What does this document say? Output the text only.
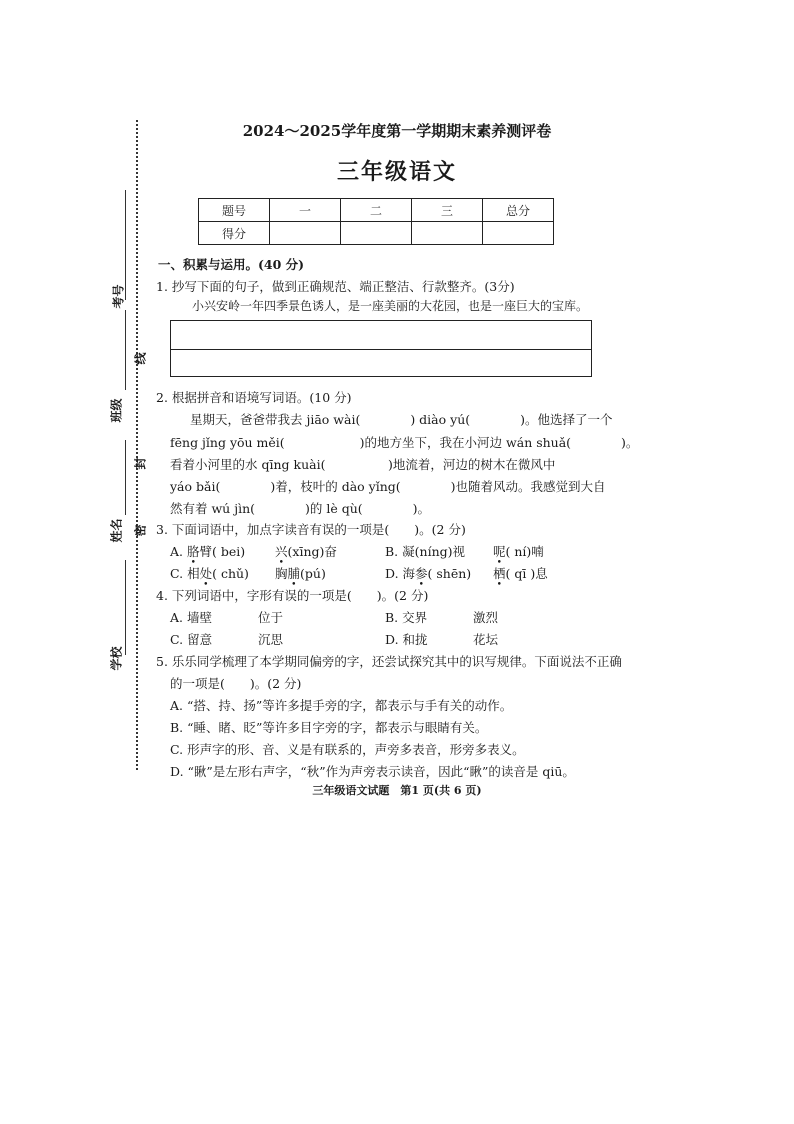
考号
线
班级
封
姓名 密
学校
2024～2025学年度第一学期期末素养测评卷
三年级语文
题号	一	二	三	总分
得分				
一、积累与运用。(40 分)
1. 抄写下面的句子，做到正确规范、端正整洁、行款整齐。(3分)
小兴安岭一年四季景色诱人，是一座美丽的大花园，也是一座巨大的宝库。
2. 根据拼音和语境写词语。(10 分)
星期天，爸爸带我去 jiāo wài(　　　　) diào yú(　　　　)。他选择了一个
fēng jǐng yōu měi(　　　　　　)的地方坐下，我在小河边 wán shuǎ(　　　　)。
看着小河里的水 qīng kuài(　　　　　)地流着，河边的树木在微风中
yáo bǎi(　　　　)着，枝叶的 dào yǐng(　　　　)也随着风动。我感觉到大自
然有着 wú jìn(　　　　)的 lè qù(　　　　)。
3. 下面词语中，加点字读音有误的一项是(　　)。(2 分)
A. 胳臂( bei) 兴(xīng)奋	B. 凝(níng)视 呢( ní)喃
C. 相处( chǔ) 胸脯(pú)	D. 海参( shēn) 栖( qī )息
4. 下列词语中，字形有误的一项是(　　)。(2 分)
A. 墙壁	位于	B. 交界	激烈
C. 留意	沉思	D. 和拢	花坛
5. 乐乐同学梳理了本学期同偏旁的字，还尝试探究其中的识写规律。下面说法不正确
的一项是(　　)。(2 分)
A. “搭、持、扬”等许多提手旁的字，都表示与手有关的动作。
B. “睡、睹、眨”等许多目字旁的字，都表示与眼睛有关。
C. 形声字的形、音、义是有联系的，声旁多表音，形旁多表义。
D. “瞅”是左形右声字，“秋”作为声旁表示读音，因此“瞅”的读音是 qiū。
三年级语文试题　第1 页(共 6 页)
